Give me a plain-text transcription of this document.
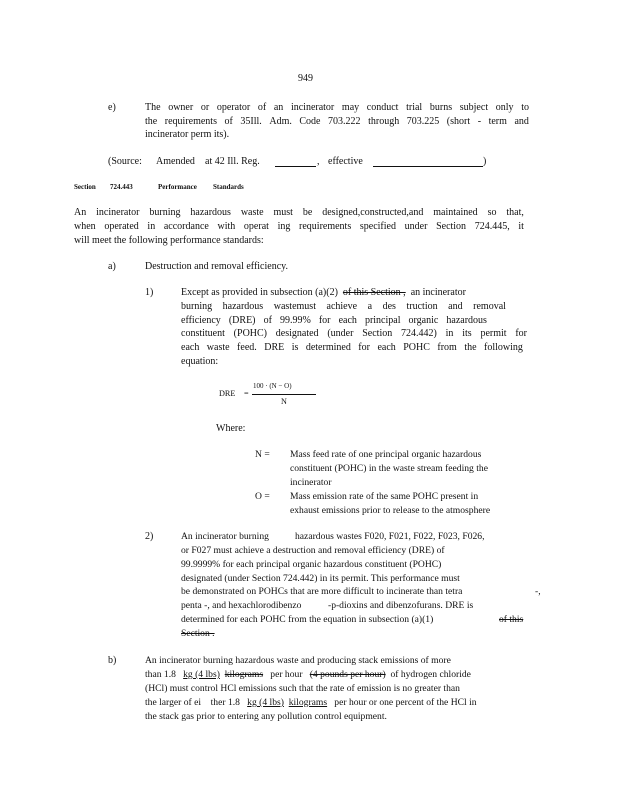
949
e)	The owner or operator of an incinerator may conduct trial burns subject only to
the requirements of 35Ill. Adm. Code 703.222 through 703.225 (short - term and
incinerator perm its).
(Source: Amended at 42 Ill. Reg.	, effective	)
Section 724.443	Performance Standards
An incinerator burning hazardous waste must be designed,constructed,and maintained so that,
when operated in accordance with operat ing requirements specified under Section 724.445, it
will meet the following performance standards:
a)	Destruction and removal efficiency.
1)	Except as provided in subsection (a)(2) of this Section , an incinerator
burning hazardous wastemust achieve a des truction and removal
efficiency (DRE) of 99.99% for each principal organic hazardous
constituent (POHC) designated (under Section 724.442) in its permit for
each waste feed. DRE is determined for each POHC from the following
equation:
DRE =
100 · (N − O)
N
Where:
N = Mass feed rate of one principal organic hazardous
constituent (POHC) in the waste stream feeding the
incinerator
O = Mass emission rate of the same POHC present in
exhaust emissions prior to release to the atmosphere
2)	An incinerator burning	hazardous wastes F020, F021, F022, F023, F026,
or F027 must achieve a destruction and removal efficiency (DRE) of
99.9999% for each principal organic hazardous constituent (POHC)
designated (under Section 724.442) in its permit. This performance must
be demonstrated on POHCs that are more difficult to incinerate than tetra	-,
penta -, and hexachlorodibenzo	-p-dioxins and dibenzofurans. DRE is
determined for each POHC from the equation in subsection (a)(1)	of this
Section .
b)	An incinerator burning hazardous waste and producing stack emissions of more
than 1.8 kg (4 lbs) kilograms per hour (4 pounds per hour) of hydrogen chloride
(HCl) must control HCl emissions such that the rate of emission is no greater than
the larger of ei ther 1.8 kg (4 lbs) kilograms per hour or one percent of the HCl in
the stack gas prior to entering any pollution control equipment.
